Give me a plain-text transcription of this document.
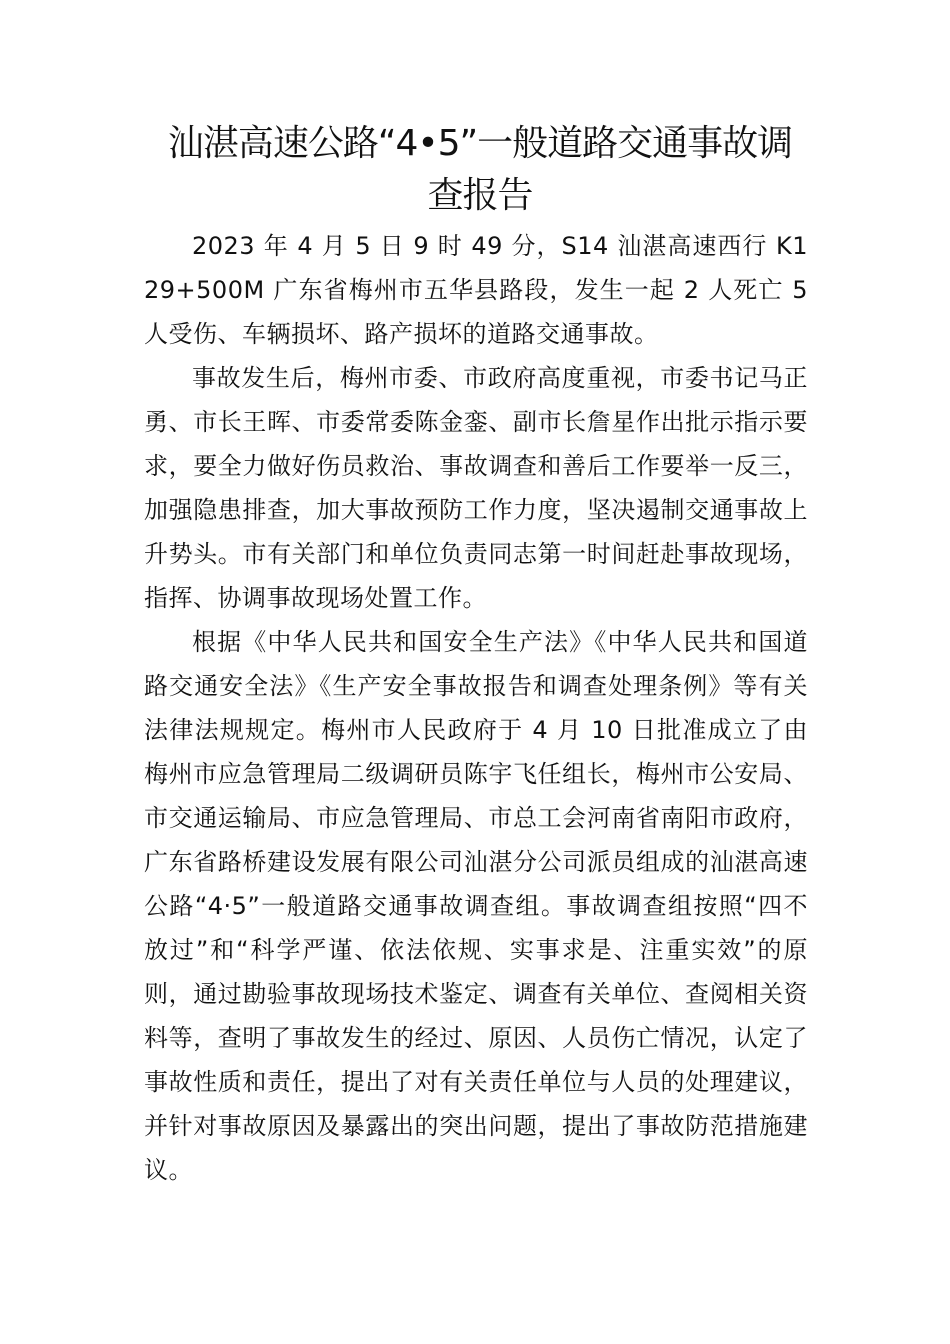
汕湛高速公路“4•5”一般道路交通事故调
查报告

2023 年 4 月 5 日 9 时 49 分，S14 汕湛高速西行 K129+500M 广东省梅州市五华县路段，发生一起 2 人死亡 5 人受伤、车辆损坏、路产损坏的道路交通事故。

事故发生后，梅州市委、市政府高度重视，市委书记马正勇、市长王晖、市委常委陈金銮、副市长詹星作出批示指示要求，要全力做好伤员救治、事故调查和善后工作要举一反三，加强隐患排查，加大事故预防工作力度，坚决遏制交通事故上升势头。市有关部门和单位负责同志第一时间赶赴事故现场，指挥、协调事故现场处置工作。

根据《中华人民共和国安全生产法》《中华人民共和国道路交通安全法》《生产安全事故报告和调查处理条例》等有关法律法规规定。梅州市人民政府于 4 月 10 日批准成立了由梅州市应急管理局二级调研员陈宇飞任组长，梅州市公安局、市交通运输局、市应急管理局、市总工会河南省南阳市政府，广东省路桥建设发展有限公司汕湛分公司派员组成的汕湛高速公路“4·5”一般道路交通事故调查组。事故调查组按照“四不放过”和“科学严谨、依法依规、实事求是、注重实效”的原则，通过勘验事故现场技术鉴定、调查有关单位、查阅相关资料等，查明了事故发生的经过、原因、人员伤亡情况，认定了事故性质和责任，提出了对有关责任单位与人员的处理建议，并针对事故原因及暴露出的突出问题，提出了事故防范措施建议。
